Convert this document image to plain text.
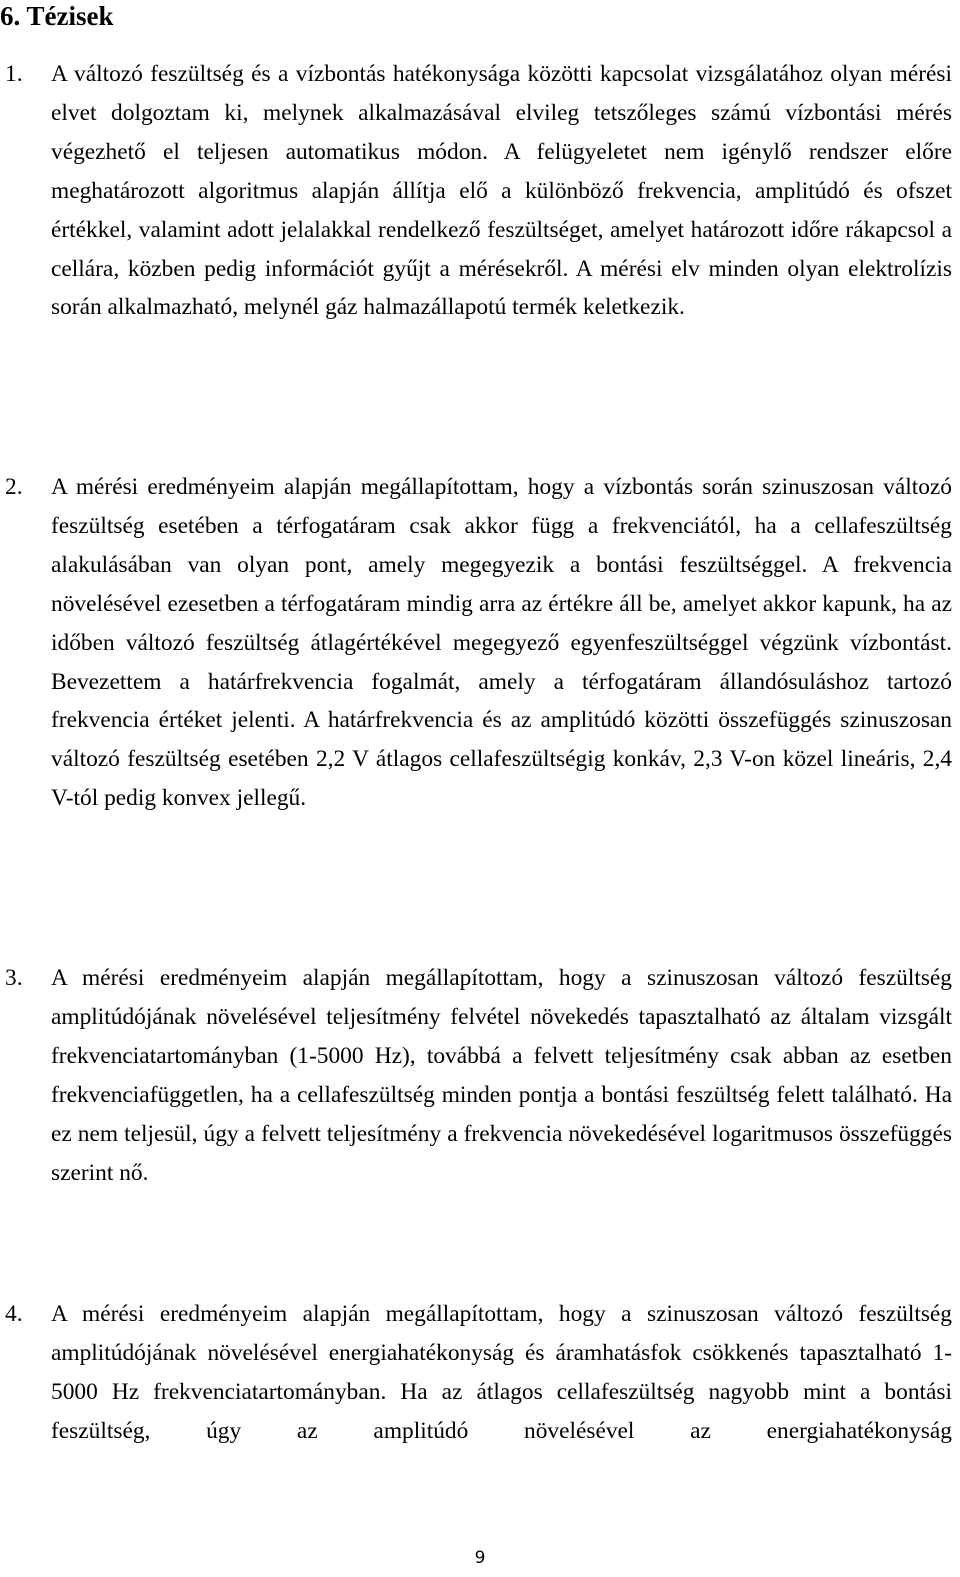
6. Tézisek
1.	A változó feszültség és a vízbontás hatékonysága közötti kapcsolat vizsgálatához olyan mérési elvet dolgoztam ki, melynek alkalmazásával elvileg tetszőleges számú vízbontási mérés végezhető el teljesen automatikus módon. A felügyeletet nem igénylő rendszer előre meghatározott algoritmus alapján állítja elő a különböző frekvencia, amplitúdó és ofszet értékkel, valamint adott jelalakkal rendelkező feszültséget, amelyet határozott időre rákapcsol a cellára, közben pedig információt gyűjt a mérésekről. A mérési elv minden olyan elektrolízis során alkalmazható, melynél gáz halmazállapotú termék keletkezik.
2.	A mérési eredményeim alapján megállapítottam, hogy a vízbontás során szinuszosan változó feszültség esetében a térfogatáram csak akkor függ a frekvenciától, ha a cellafeszültség alakulásában van olyan pont, amely megegyezik a bontási feszültséggel. A frekvencia növelésével ezesetben a térfogatáram mindig arra az értékre áll be, amelyet akkor kapunk, ha az időben változó feszültség átlagértékével megegyező egyenfeszültséggel végzünk vízbontást. Bevezettem a határfrekvencia fogalmát, amely a térfogatáram állandósuláshoz tartozó frekvencia értéket jelenti. A határfrekvencia és az amplitúdó közötti összefüggés szinuszosan változó feszültség esetében 2,2 V átlagos cellafeszültségig konkáv, 2,3 V-on közel lineáris, 2,4 V-tól pedig konvex jellegű.
3.	A mérési eredményeim alapján megállapítottam, hogy a szinuszosan változó feszültség amplitúdójának növelésével teljesítmény felvétel növekedés tapasztalható az általam vizsgált frekvenciatartományban (1-5000 Hz), továbbá a felvett teljesítmény csak abban az esetben frekvenciafüggetlen, ha a cellafeszültség minden pontja a bontási feszültség felett található. Ha ez nem teljesül, úgy a felvett teljesítmény a frekvencia növekedésével logaritmusos összefüggés szerint nő.
4.	A mérési eredményeim alapján megállapítottam, hogy a szinuszosan változó feszültség amplitúdójának növelésével energiahatékonyság és áramhatásfok csökkenés tapasztalható 1-5000 Hz frekvenciatartományban. Ha az átlagos cellafeszültség nagyobb mint a bontási feszültség, úgy az amplitúdó növelésével az energiahatékonyság
9
